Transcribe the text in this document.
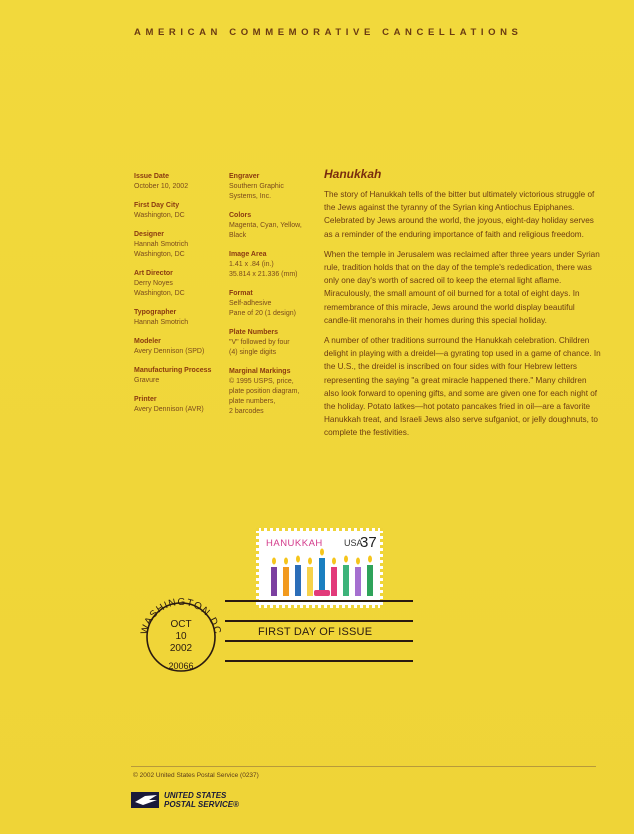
AMERICAN COMMEMORATIVE CANCELLATIONS
Issue Date
October 10, 2002
First Day City
Washington, DC
Designer
Hannah Smotrich
Washington, DC
Art Director
Derry Noyes
Washington, DC
Typographer
Hannah Smotrich
Modeler
Avery Dennison (SPD)
Manufacturing Process
Gravure
Printer
Avery Dennison (AVR)
Engraver
Southern Graphic
Systems, Inc.
Colors
Magenta, Cyan, Yellow,
Black
Image Area
1.41 x .84 (in.)
35.814 x 21.336 (mm)
Format
Self-adhesive
Pane of 20 (1 design)
Plate Numbers
"V" followed by four
(4) single digits
Marginal Markings
© 1995 USPS, price,
plate position diagram,
plate numbers,
2 barcodes
Hanukkah

The story of Hanukkah tells of the bitter but ultimately victorious struggle of the Jews against the tyranny of the Syrian king Antiochus Epiphanes. Celebrated by Jews around the world, the joyous, eight-day holiday serves as a reminder of the enduring importance of faith and religious freedom.

When the temple in Jerusalem was reclaimed after three years under Syrian rule, tradition holds that on the day of the temple's rededication, there was only one day's worth of sacred oil to keep the eternal light aflame. Miraculously, the small amount of oil burned for a total of eight days. In remembrance of this miracle, Jews around the world display beautiful candle-lit menorahs in their homes during this special holiday.

A number of other traditions surround the Hanukkah celebration. Children delight in playing with a dreidel—a gyrating top used in a game of chance. In the U.S., the dreidel is inscribed on four sides with four Hebrew letters representing the saying "a great miracle happened there." Many children also look forward to opening gifts, and some are given one for each night of the holiday. Potato latkes—hot potato pancakes fried in oil—are a favorite Hanukkah treat, and Israeli Jews also serve sufganiot, or jelly doughnuts, to complete the festivities.

HANUKKAH USA
37
FIRST DAY OF ISSUE
WASHINGTON DC
OCT
10
2002
20066
© 2002 United States Postal Service (0237)
UNITED STATES
POSTAL SERVICE®
